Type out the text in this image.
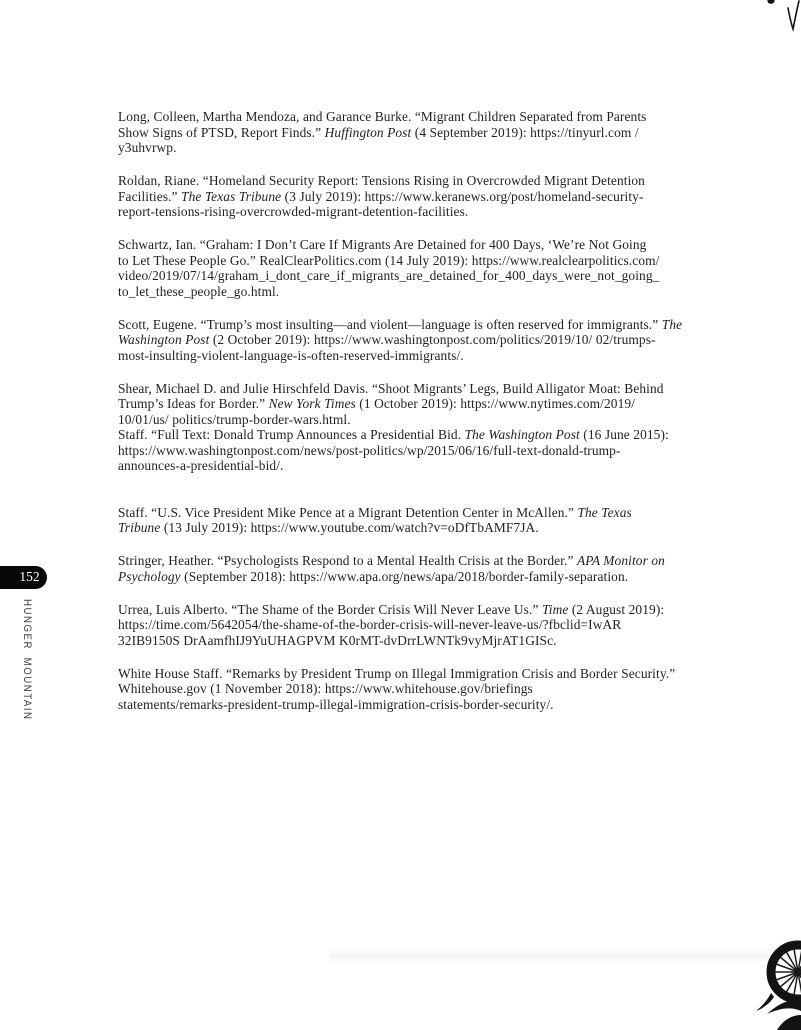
Long, Colleen, Martha Mendoza, and Garance Burke. “Migrant Children Separated from Parents
Show Signs of PTSD, Report Finds.” Huffington Post (4 September 2019): https://tinyurl.com /
y3uhvrwp.

Roldan, Riane. “Homeland Security Report: Tensions Rising in Overcrowded Migrant Detention
Facilities.” The Texas Tribune (3 July 2019): https://www.keranews.org/post/homeland-security-
report-tensions-rising-overcrowded-migrant-detention-facilities.

Schwartz, Ian. “Graham: I Don’t Care If Migrants Are Detained for 400 Days, ‘We’re Not Going
to Let These People Go.” RealClearPolitics.com (14 July 2019): https://www.realclearpolitics.com/
video/2019/07/14/graham_i_dont_care_if_migrants_are_detained_for_400_days_were_not_going_
to_let_these_people_go.html.

Scott, Eugene. “Trump’s most insulting—and violent—language is often reserved for immigrants.” The
Washington Post (2 October 2019): https://www.washingtonpost.com/politics/2019/10/ 02/trumps-
most-insulting-violent-language-is-often-reserved-immigrants/.

Shear, Michael D. and Julie Hirschfeld Davis. “Shoot Migrants’ Legs, Build Alligator Moat: Behind
Trump’s Ideas for Border.” New York Times (1 October 2019): https://www.nytimes.com/2019/
10/01/us/ politics/trump-border-wars.html.
Staff. “Full Text: Donald Trump Announces a Presidential Bid. The Washington Post (16 June 2015):
https://www.washingtonpost.com/news/post-politics/wp/2015/06/16/full-text-donald-trump-
announces-a-presidential-bid/.

Staff. “U.S. Vice President Mike Pence at a Migrant Detention Center in McAllen.” The Texas
Tribune (13 July 2019): https://www.youtube.com/watch?v=oDfTbAMF7JA.

Stringer, Heather. “Psychologists Respond to a Mental Health Crisis at the Border.” APA Monitor on
Psychology (September 2018): https://www.apa.org/news/apa/2018/border-family-separation.

Urrea, Luis Alberto. “The Shame of the Border Crisis Will Never Leave Us.” Time (2 August 2019):
https://time.com/5642054/the-shame-of-the-border-crisis-will-never-leave-us/?fbclid=IwAR
32IB9150S DrAamfhIJ9YuUHAGPVM K0rMT-dvDrrLWNTk9vyMjrAT1GISc.

White House Staff. “Remarks by President Trump on Illegal Immigration Crisis and Border Security.”
Whitehouse.gov (1 November 2018): https://www.whitehouse.gov/briefings
statements/remarks-president-trump-illegal-immigration-crisis-border-security/.

152
HUNGER MOUNTAIN
